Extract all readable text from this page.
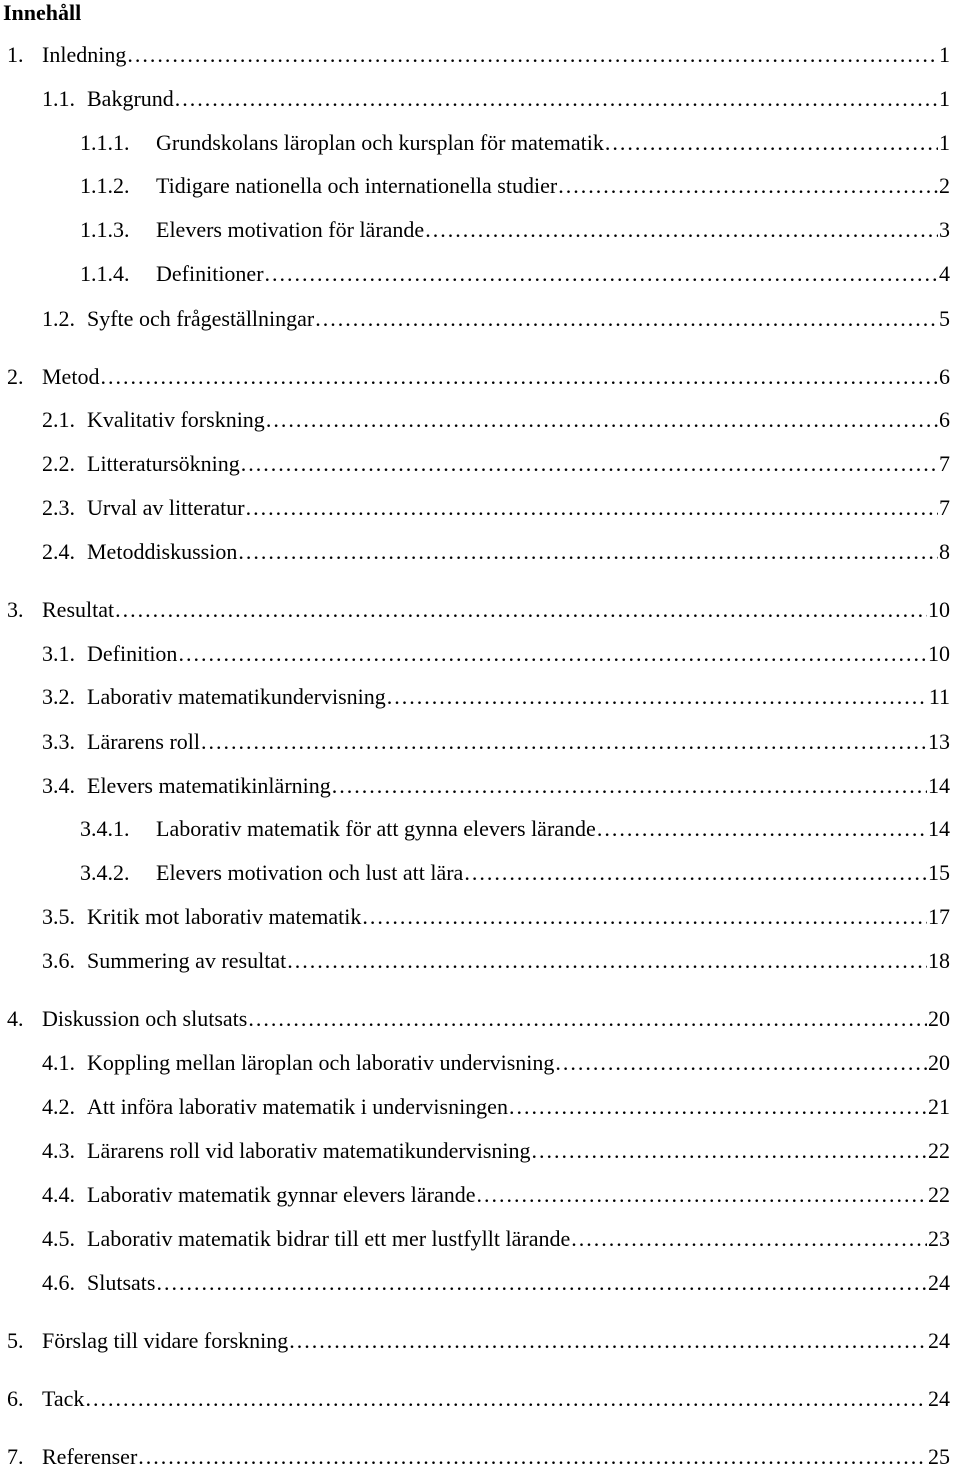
Innehåll
1. Inledning . . .	1
1.1. Bakgrund . . .	1
1.1.1.	Grundskolans läroplan och kursplan för matematik . . .	1
1.1.2.	Tidigare nationella och internationella studier . . .	2
1.1.3.	Elevers motivation för lärande . . .	3
1.1.4.	Definitioner . . .	4
1.2. Syfte och frågeställningar . . .	5
2. Metod . . .	6
2.1. Kvalitativ forskning . . .	6
2.2. Litteratursökning . . .	7
2.3. Urval av litteratur . . .	7
2.4. Metoddiskussion . . .	8
3. Resultat . . .	10
3.1. Definition . . .	10
3.2. Laborativ matematikundervisning . . .	11
3.3. Lärarens roll . . .	13
3.4. Elevers matematikinlärning . . .	14
3.4.1.	Laborativ matematik för att gynna elevers lärande . . .	14
3.4.2.	Elevers motivation och lust att lära . . .	15
3.5. Kritik mot laborativ matematik . . .	17
3.6. Summering av resultat . . .	18
4. Diskussion och slutsats . . .	20
4.1. Koppling mellan läroplan och laborativ undervisning . . .	20
4.2. Att införa laborativ matematik i undervisningen . . .	21
4.3. Lärarens roll vid laborativ matematikundervisning . . .	22
4.4. Laborativ matematik gynnar elevers lärande . . .	22
4.5. Laborativ matematik bidrar till ett mer lustfyllt lärande . . .	23
4.6. Slutsats . . .	24
5. Förslag till vidare forskning . . .	24
6. Tack . . .	24
7. Referenser . . .	25
